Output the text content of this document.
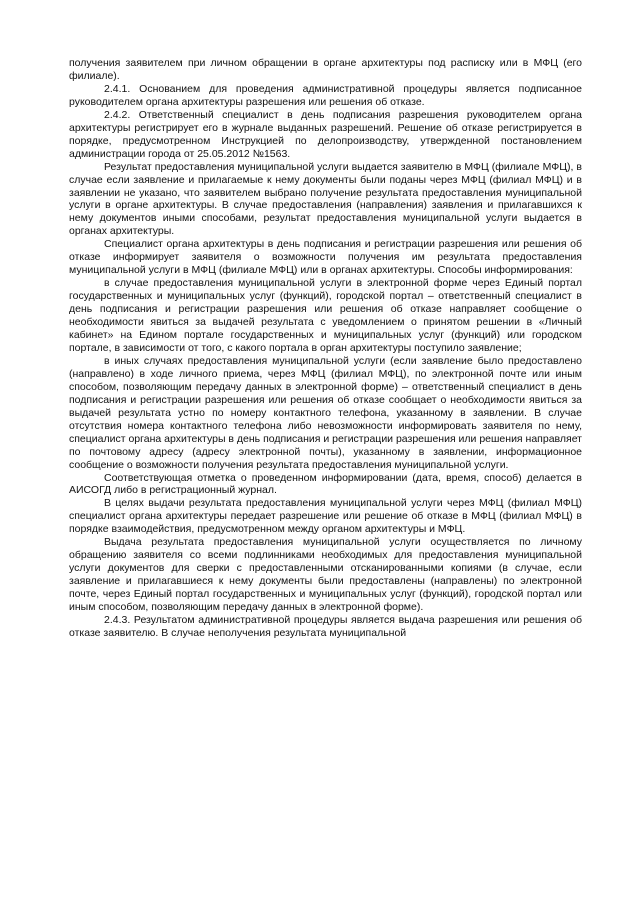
получения заявителем при личном обращении в органе архитектуры под расписку или в МФЦ (его филиале).

2.4.1. Основанием для проведения административной процедуры является подписанное руководителем органа архитектуры разрешения или решения об отказе.

2.4.2. Ответственный специалист в день подписания разрешения руководителем органа архитектуры регистрирует его в журнале выданных разрешений. Решение об отказе регистрируется в порядке, предусмотренном Инструкцией по делопроизводству, утвержденной постановлением администрации города от 25.05.2012 №1563.

Результат предоставления муниципальной услуги выдается заявителю в МФЦ (филиале МФЦ), в случае если заявление и прилагаемые к нему документы были поданы через МФЦ (филиал МФЦ) и в заявлении не указано, что заявителем выбрано получение результата предоставления муниципальной услуги в органе архитектуры. В случае предоставления (направления) заявления и прилагавшихся к нему документов иными способами, результат предоставления муниципальной услуги выдается в органах архитектуры.

Специалист органа архитектуры в день подписания и регистрации разрешения или решения об отказе информирует заявителя о возможности получения им результата предоставления муниципальной услуги в МФЦ (филиале МФЦ) или в органах архитектуры. Способы информирования:

в случае предоставления муниципальной услуги в электронной форме через Единый портал государственных и муниципальных услуг (функций), городской портал – ответственный специалист в день подписания и регистрации разрешения или решения об отказе направляет сообщение о необходимости явиться за выдачей результата с уведомлением о принятом решении в «Личный кабинет» на Едином портале государственных и муниципальных услуг (функций) или городском портале, в зависимости от того, с какого портала в орган архитектуры поступило заявление;

в иных случаях предоставления муниципальной услуги (если заявление было предоставлено (направлено) в ходе личного приема, через МФЦ (филиал МФЦ), по электронной почте или иным способом, позволяющим передачу данных в электронной форме) – ответственный специалист в день подписания и регистрации разрешения или решения об отказе сообщает о необходимости явиться за выдачей результата устно по номеру контактного телефона, указанному в заявлении. В случае отсутствия номера контактного телефона либо невозможности информировать заявителя по нему, специалист органа архитектуры в день подписания и регистрации разрешения или решения направляет по почтовому адресу (адресу электронной почты), указанному в заявлении, информационное сообщение о возможности получения результата предоставления муниципальной услуги.

Соответствующая отметка о проведенном информировании (дата, время, способ) делается в АИСОГД либо в регистрационный журнал.

В целях выдачи результата предоставления муниципальной услуги через МФЦ (филиал МФЦ) специалист органа архитектуры передает разрешение или решение об отказе в МФЦ (филиал МФЦ) в порядке взаимодействия, предусмотренном между органом архитектуры и МФЦ.

Выдача результата предоставления муниципальной услуги осуществляется по личному обращению заявителя со всеми подлинниками необходимых для предоставления муниципальной услуги документов для сверки с предоставленными отсканированными копиями (в случае, если заявление и прилагавшиеся к нему документы были предоставлены (направлены) по электронной почте, через Единый портал государственных и муниципальных услуг (функций), городской портал или иным способом, позволяющим передачу данных в электронной форме).

2.4.3. Результатом административной процедуры является выдача разрешения или решения об отказе заявителю. В случае неполучения результата муниципальной
